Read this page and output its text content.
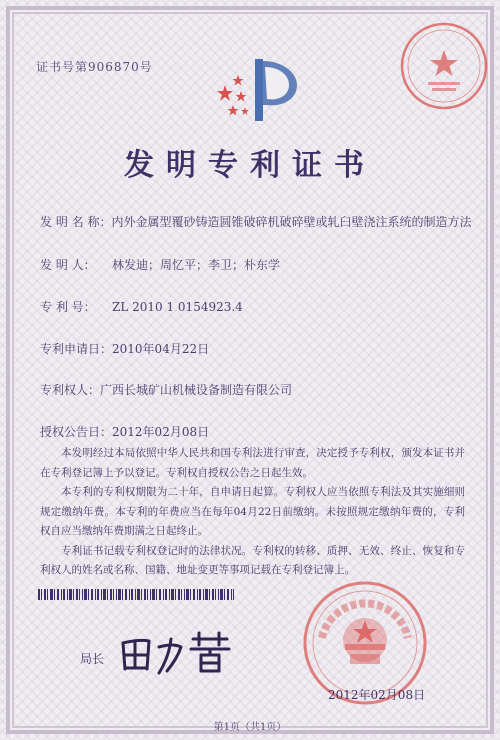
证书号第906870号
发明专利证书
发 明 名 称：内外金属型覆砂铸造圆锥破碎机破碎壁或轧臼壁浇注系统的制造方法
发 明 人： 林发迪；周忆平；李卫；朴东学
专 利 号： ZL 2010 1 0154923.4
专利申请日：2010年04月22日
专利权人：广西长城矿山机械设备制造有限公司
授权公告日：2012年02月08日

本发明经过本局依照中华人民共和国专利法进行审查，决定授予专利权，颁发本证书并在专利登记簿上予以登记。专利权自授权公告之日起生效。

本专利的专利权期限为二十年，自申请日起算。专利权人应当依照专利法及其实施细则规定缴纳年费。本专利的年费应当在每年04月22日前缴纳。未按照规定缴纳年费的，专利权自应当缴纳年费期满之日起终止。

专利证书记载专利权登记时的法律状况。专利权的转移、质押、无效、终止、恢复和专利权人的姓名或名称、国籍、地址变更等事项记载在专利登记簿上。

局长
2012年02月08日
第1页（共1页）
